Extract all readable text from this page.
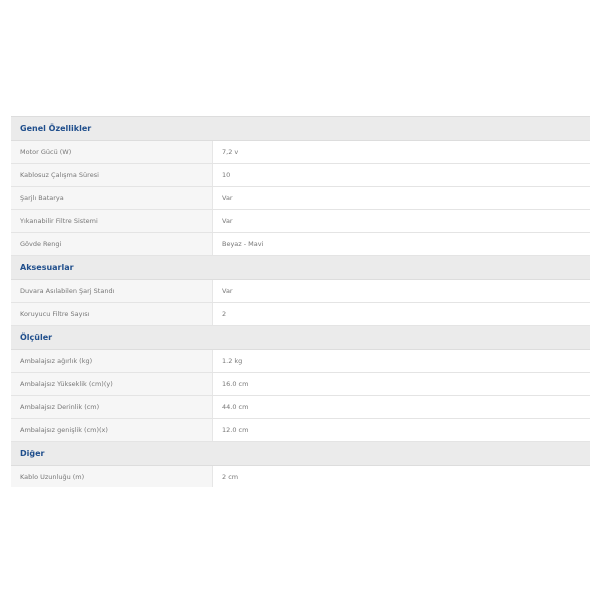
Genel Özellikler
Motor Gücü (W)	7,2 v
Kablosuz Çalışma Süresi	10
Şarjlı Batarya	Var
Yıkanabilir Filtre Sistemi	Var
Gövde Rengi	Beyaz - Mavi
Aksesuarlar
Duvara Asılabilen Şarj Standı	Var
Koruyucu Filtre Sayısı	2
Ölçüler
Ambalajsız ağırlık (kg)	1.2 kg
Ambalajsız Yükseklik (cm)(y)	16.0 cm
Ambalajsız Derinlik (cm)	44.0 cm
Ambalajsız genişlik (cm)(x)	12.0 cm
Diğer
Kablo Uzunluğu (m)	2 cm
